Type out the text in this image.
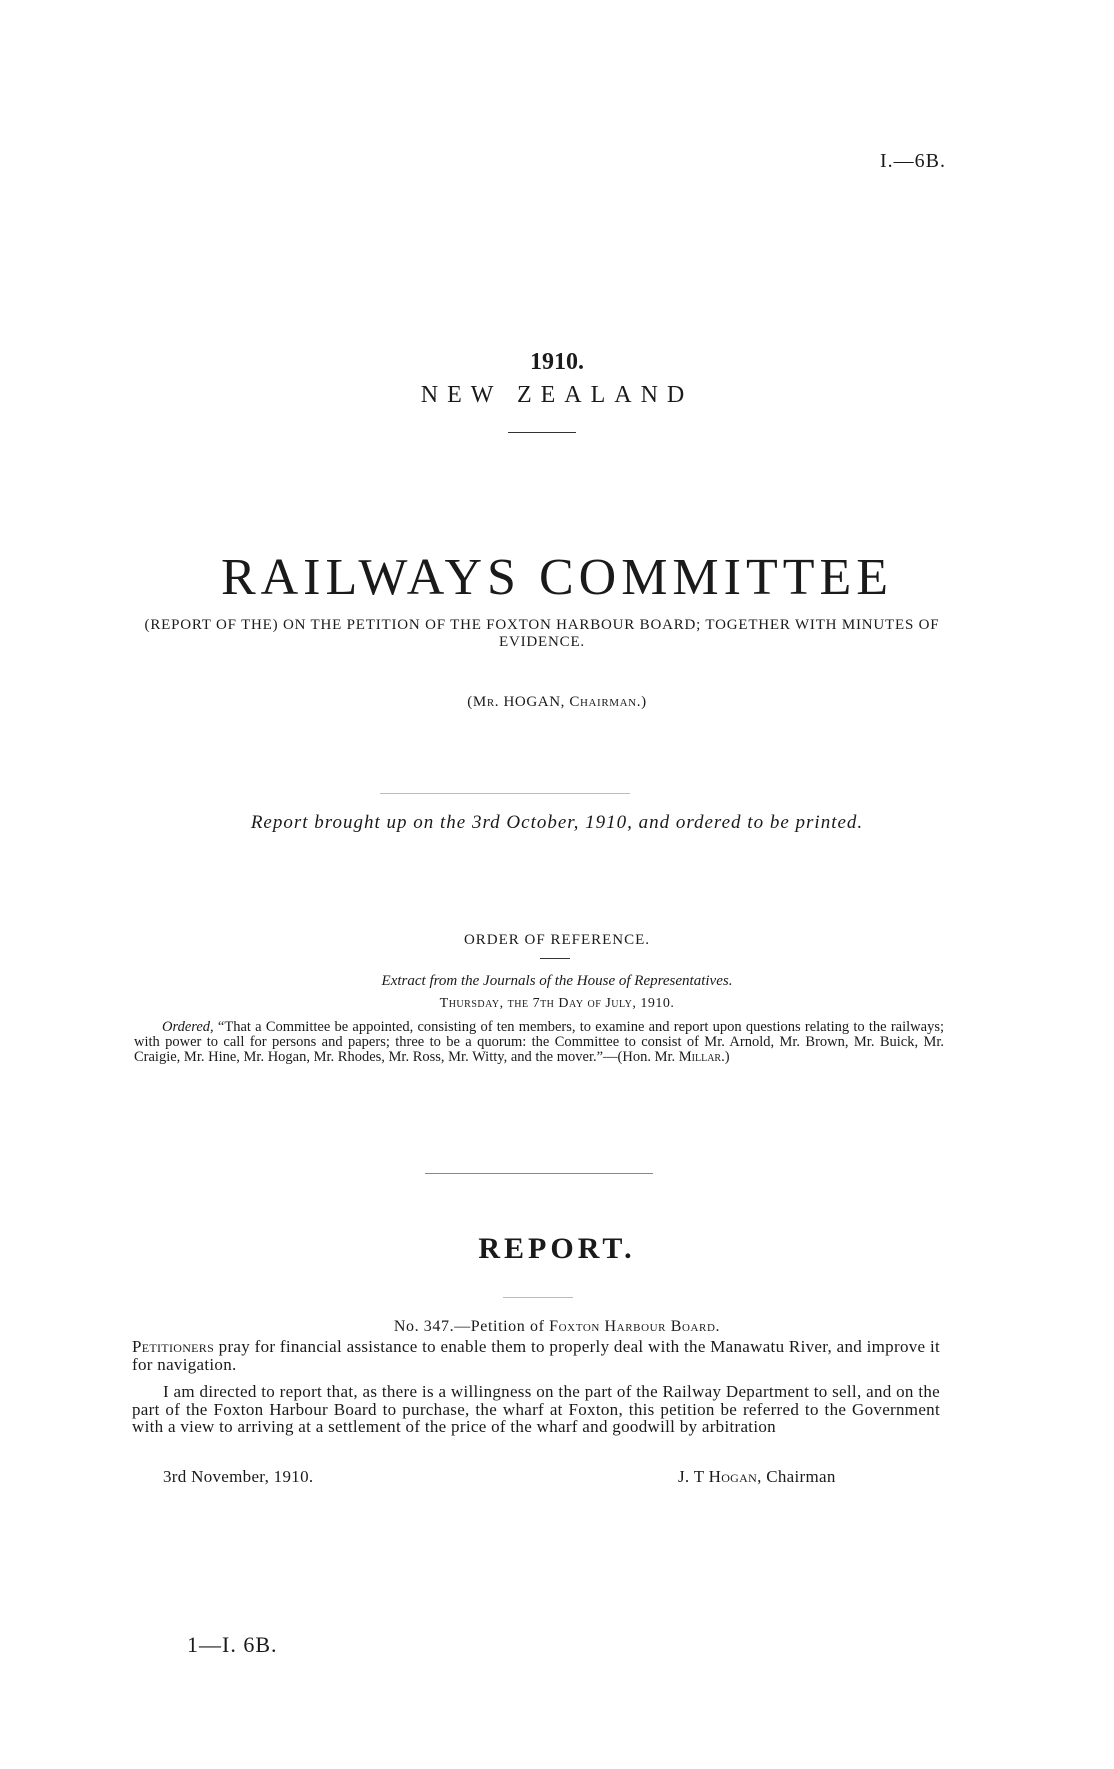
I.—6B.
1910.
NEW ZEALAND
RAILWAYS COMMITTEE
(REPORT OF THE) ON THE PETITION OF THE FOXTON HARBOUR BOARD; TOGETHER WITH MINUTES OF EVIDENCE.
(Mr. HOGAN, Chairman.)
Report brought up on the 3rd October, 1910, and ordered to be printed.
ORDER OF REFERENCE.
Extract from the Journals of the House of Representatives.
Thursday, the 7th Day of July, 1910.
Ordered, “That a Committee be appointed, consisting of ten members, to examine and report upon questions relating to the railways; with power to call for persons and papers; three to be a quorum: the Committee to consist of Mr. Arnold, Mr. Brown, Mr. Buick, Mr. Craigie, Mr. Hine, Mr. Hogan, Mr. Rhodes, Mr. Ross, Mr. Witty, and the mover.”—(Hon. Mr. Millar.)
REPORT.
No. 347.—Petition of Foxton Harbour Board.
Petitioners pray for financial assistance to enable them to properly deal with the Manawatu River, and improve it for navigation.
I am directed to report that, as there is a willingness on the part of the Railway Department to sell, and on the part of the Foxton Harbour Board to purchase, the wharf at Foxton, this petition be referred to the Government with a view to arriving at a settlement of the price of the wharf and goodwill by arbitration
3rd November, 1910.	J. T Hogan, Chairman
1—I. 6B.
